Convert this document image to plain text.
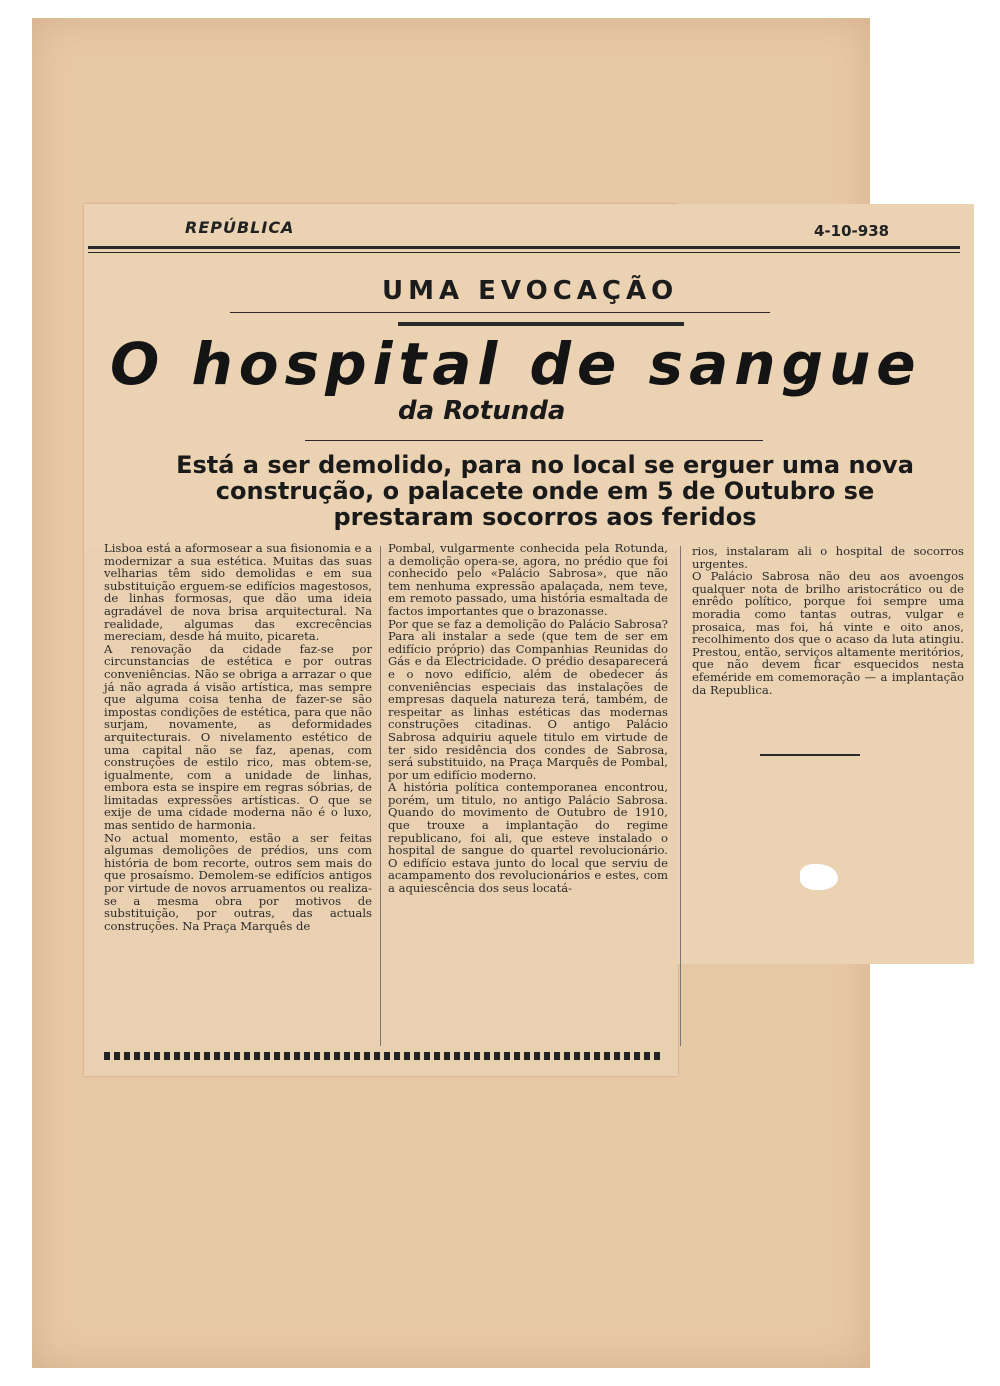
REPÚBLICA	4-10-938
UMA EVOCAÇÃO
O hospital de sangue
da Rotunda
Está a ser demolido, para no local se erguer uma nova construção, o palacete onde em 5 de Outubro se prestaram socorros aos feridos
Lisboa está a aformosear a sua fisionomia e a modernizar a sua estética. Muitas das suas velharias têm sido demolidas e em sua substituição erguem-se edifícios magestosos, de linhas formosas, que dão uma ideia agradável de nova brisa arquitectural. Na realidade, algumas das excrecências mereciam, desde há muito, picareta.
A renovação da cidade faz-se por circunstancias de estética e por outras conveniências. Não se obriga a arrazar o que já não agrada á visão artística, mas sempre que alguma coisa tenha de fazer-se são impostas condições de estética, para que não surjam, novamente, as deformidades arquitecturais. O nivelamento estético de uma capital não se faz, apenas, com construções de estilo rico, mas obtem-se, igualmente, com a unidade de linhas, embora esta se inspire em regras sóbrias, de limitadas expressões artísticas. O que se exije de uma cidade moderna não é o luxo, mas sentido de harmonia.
No actual momento, estão a ser feitas algumas demolições de prédios, uns com história de bom recorte, outros sem mais do que prosaísmo. Demolem-se edifícios antigos por virtude de novos arruamentos ou realiza-se a mesma obra por motivos de substituição, por outras, das actuals construções. Na Praça Marquês de
Pombal, vulgarmente conhecida pela Rotunda, a demolição opera-se, agora, no prédio que foi conhecido pelo «Palácio Sabrosa», que não tem nenhuma expressão apalaçada, nem teve, em remoto passado, uma história esmaltada de factos importantes que o brazonasse.
Por que se faz a demolição do Palácio Sabrosa? Para ali instalar a sede (que tem de ser em edifício próprio) das Companhias Reunidas do Gás e da Electricidade. O prédio desaparecerá e o novo edifício, além de obedecer ás conveniências especiais das instalações de empresas daquela natureza terá, também, de respeitar as linhas estéticas das modernas construções citadinas. O antigo Palácio Sabrosa adquiriu aquele titulo em virtude de ter sido residência dos condes de Sabrosa, será substituido, na Praça Marquês de Pombal, por um edifício moderno.
A história política contemporanea encontrou, porém, um titulo, no antigo Palácio Sabrosa. Quando do movimento de Outubro de 1910, que trouxe a implantação do regime republicano, foi ali, que esteve instalado o hospital de sangue do quartel revolucionário. O edifício estava junto do local que serviu de acampamento dos revolucionários e estes, com a aquiescência dos seus locatá-
rios, instalaram ali o hospital de socorros urgentes.
O Palácio Sabrosa não deu aos avoengos qualquer nota de brilho aristocrático ou de enrêdo político, porque foi sempre uma moradia como tantas outras, vulgar e prosaica, mas foi, há vinte e oito anos, recolhimento dos que o acaso da luta atingiu. Prestou, então, serviços altamente meritórios, que não devem ficar esquecidos nesta efeméride em comemoração — a implantação da Republica.
